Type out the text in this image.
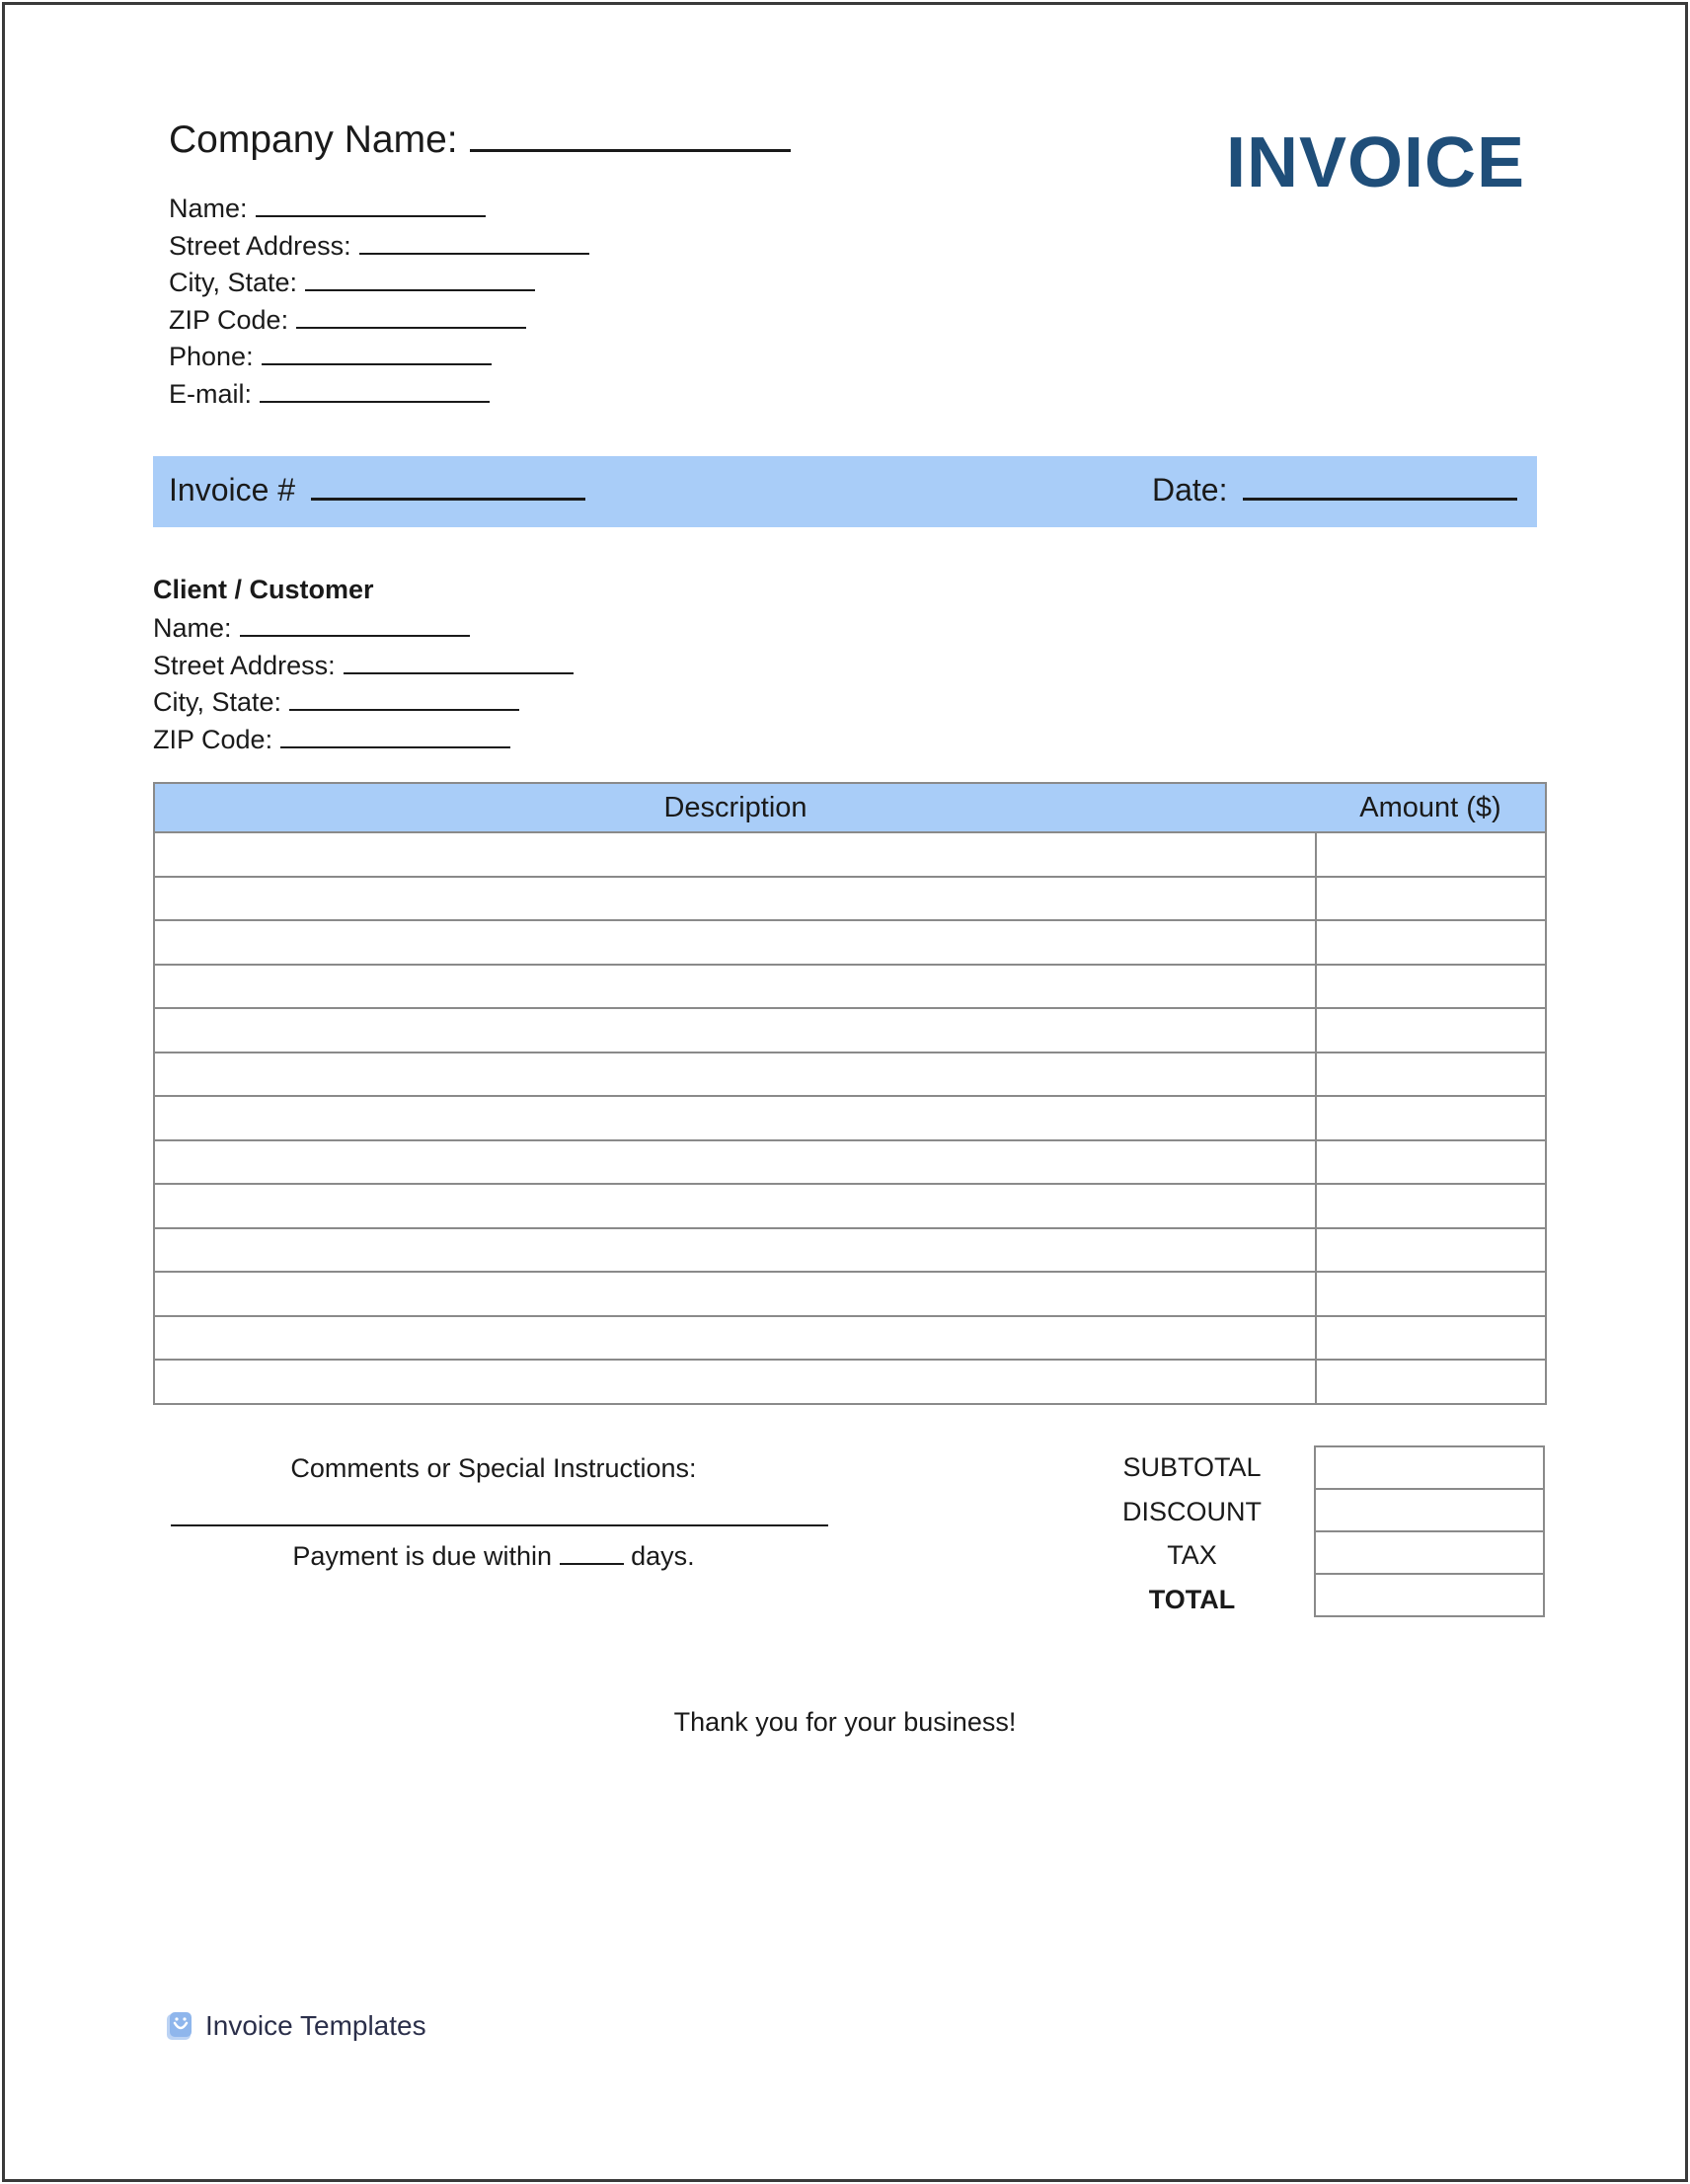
Company Name:	INVOICE
Name:
Street Address:
City, State:
ZIP Code:
Phone:
E-mail:
Invoice #	Date:
Client / Customer
Name:
Street Address:
City, State:
ZIP Code:
Description	Amount ($)

Comments or Special Instructions:
Payment is due within	days.
SUBTOTAL
DISCOUNT
TAX
TOTAL

Thank you for your business!
Invoice Templates
